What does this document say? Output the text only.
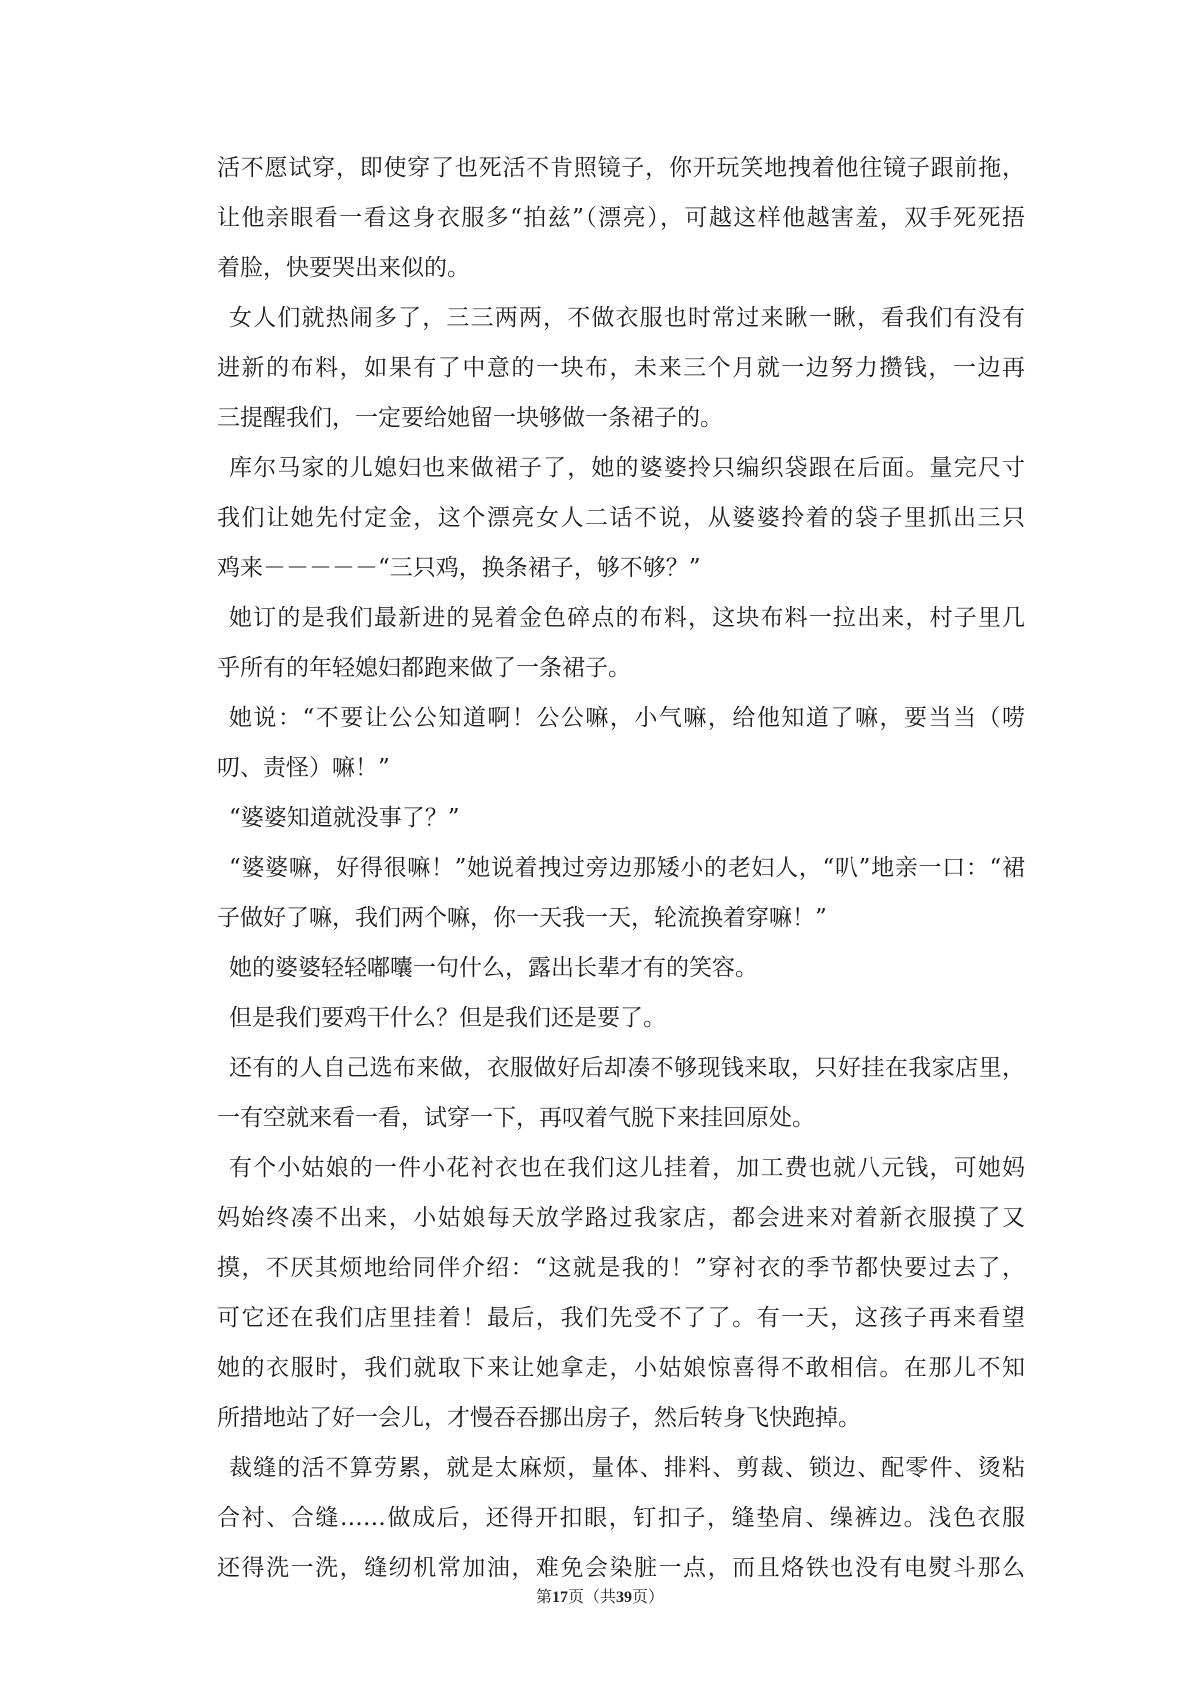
活不愿试穿，即使穿了也死活不肯照镜子，你开玩笑地拽着他往镜子跟前拖，
让他亲眼看一看这身衣服多“拍兹”（漂亮），可越这样他越害羞，双手死死捂
着脸，快要哭出来似的。
女人们就热闹多了，三三两两，不做衣服也时常过来瞅一瞅，看我们有没有
进新的布料，如果有了中意的一块布，未来三个月就一边努力攒钱，一边再
三提醒我们，一定要给她留一块够做一条裙子的。
库尔马家的儿媳妇也来做裙子了，她的婆婆拎只编织袋跟在后面。量完尺寸
我们让她先付定金，这个漂亮女人二话不说，从婆婆拎着的袋子里抓出三只
鸡来－－－－－“三只鸡，换条裙子，够不够？”
她订的是我们最新进的晃着金色碎点的布料，这块布料一拉出来，村子里几
乎所有的年轻媳妇都跑来做了一条裙子。
她说：“不要让公公知道啊！公公嘛，小气嘛，给他知道了嘛，要当当（唠
叨、责怪）嘛！”
“婆婆知道就没事了？”
“婆婆嘛，好得很嘛！”她说着拽过旁边那矮小的老妇人，“叭”地亲一口：“裙
子做好了嘛，我们两个嘛，你一天我一天，轮流换着穿嘛！”
她的婆婆轻轻嘟囔一句什么，露出长辈才有的笑容。
但是我们要鸡干什么？但是我们还是要了。
还有的人自己选布来做，衣服做好后却凑不够现钱来取，只好挂在我家店里，
一有空就来看一看，试穿一下，再叹着气脱下来挂回原处。
有个小姑娘的一件小花衬衣也在我们这儿挂着，加工费也就八元钱，可她妈
妈始终凑不出来，小姑娘每天放学路过我家店，都会进来对着新衣服摸了又
摸，不厌其烦地给同伴介绍：“这就是我的！”穿衬衣的季节都快要过去了，
可它还在我们店里挂着！最后，我们先受不了了。有一天，这孩子再来看望
她的衣服时，我们就取下来让她拿走，小姑娘惊喜得不敢相信。在那儿不知
所措地站了好一会儿，才慢吞吞挪出房子，然后转身飞快跑掉。
裁缝的活不算劳累，就是太麻烦，量体、排料、剪裁、锁边、配零件、烫粘
合衬、合缝……做成后，还得开扣眼，钉扣子，缝垫肩、缲裤边。浅色衣服
还得洗一洗，缝纫机常加油，难免会染脏一点，而且烙铁也没有电熨斗那么
第17页（共39页）
